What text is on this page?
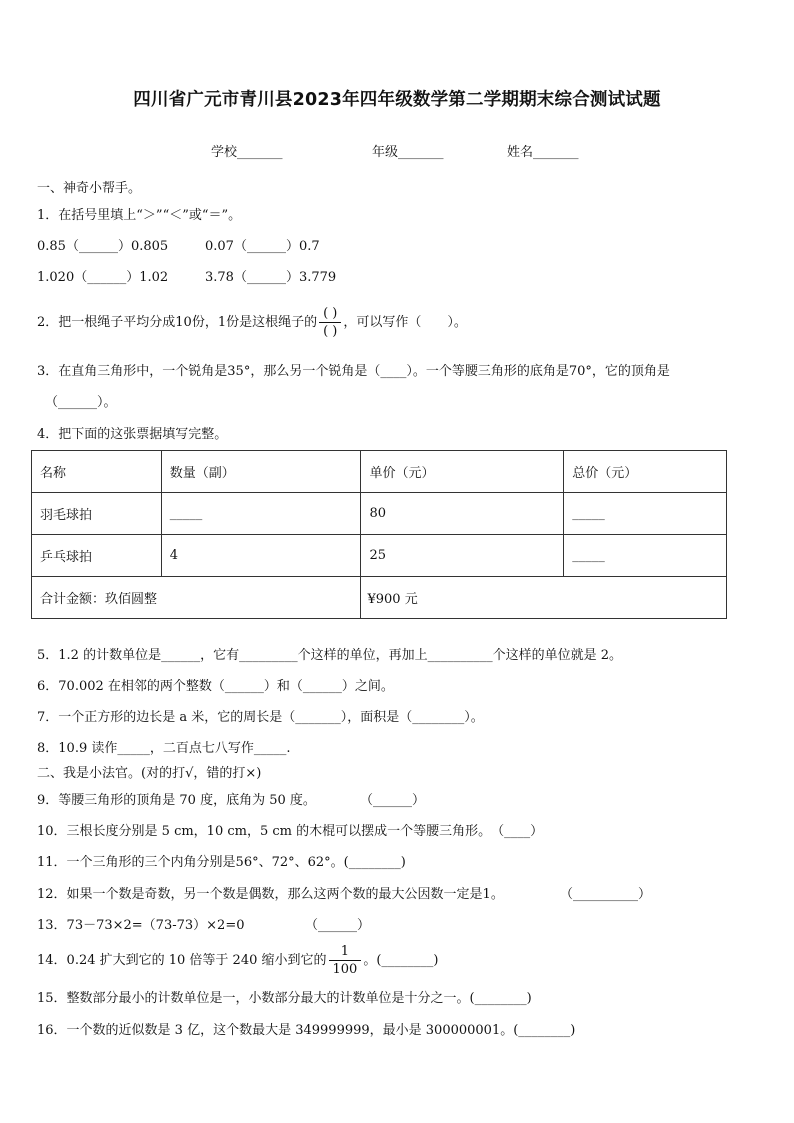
四川省广元市青川县2023年四年级数学第二学期期末综合测试试题
学校_______	年级_______	姓名_______
一、神奇小帮手。
1．在括号里填上“＞”“＜”或“＝”。
0.85（______）0.805	0.07（______）0.7
1.020（______）1.02	3.78（______）3.779
2．把一根绳子平均分成10份，1份是这根绳子的 $\frac{( )}{( )}$ ，可以写作（　　）。
3．在直角三角形中，一个锐角是35°，那么另一个锐角是（____）。一个等腰三角形的底角是70°，它的顶角是
（______）。
4．把下面的这张票据填写完整。
名称	数量（副）	单价（元）	总价（元）
羽毛球拍	_____	80	_____
乒乓球拍	4	25	_____
合计金额：玖佰圆整		¥900 元	
5．1.2 的计数单位是______，它有_________个这样的单位，再加上__________个这样的单位就是 2。
6．70.002 在相邻的两个整数（______）和（______）之间。
7．一个正方形的边长是 a 米，它的周长是（_______），面积是（________）。
8．10.9 读作_____，二百点七八写作_____.
二、我是小法官。(对的打√，错的打×)
9．等腰三角形的顶角是 70 度，底角为 50 度。	（______）
10．三根长度分别是 5 cm，10 cm，5 cm 的木棍可以摆成一个等腰三角形。　（____）
11．一个三角形的三个内角分别是56°、72°、62°。(________)
12．如果一个数是奇数，另一个数是偶数，那么这两个数的最大公因数一定是1。	（__________）
13．73－73×2=（73-73）×2=0	（______）
14．0.24 扩大到它的 10 倍等于 240 缩小到它的 $\frac{1}{100}$ 。(________)
15．整数部分最小的计数单位是一，小数部分最大的计数单位是十分之一。(________)
16．一个数的近似数是 3 亿，这个数最大是 349999999，最小是 300000001。(________)
